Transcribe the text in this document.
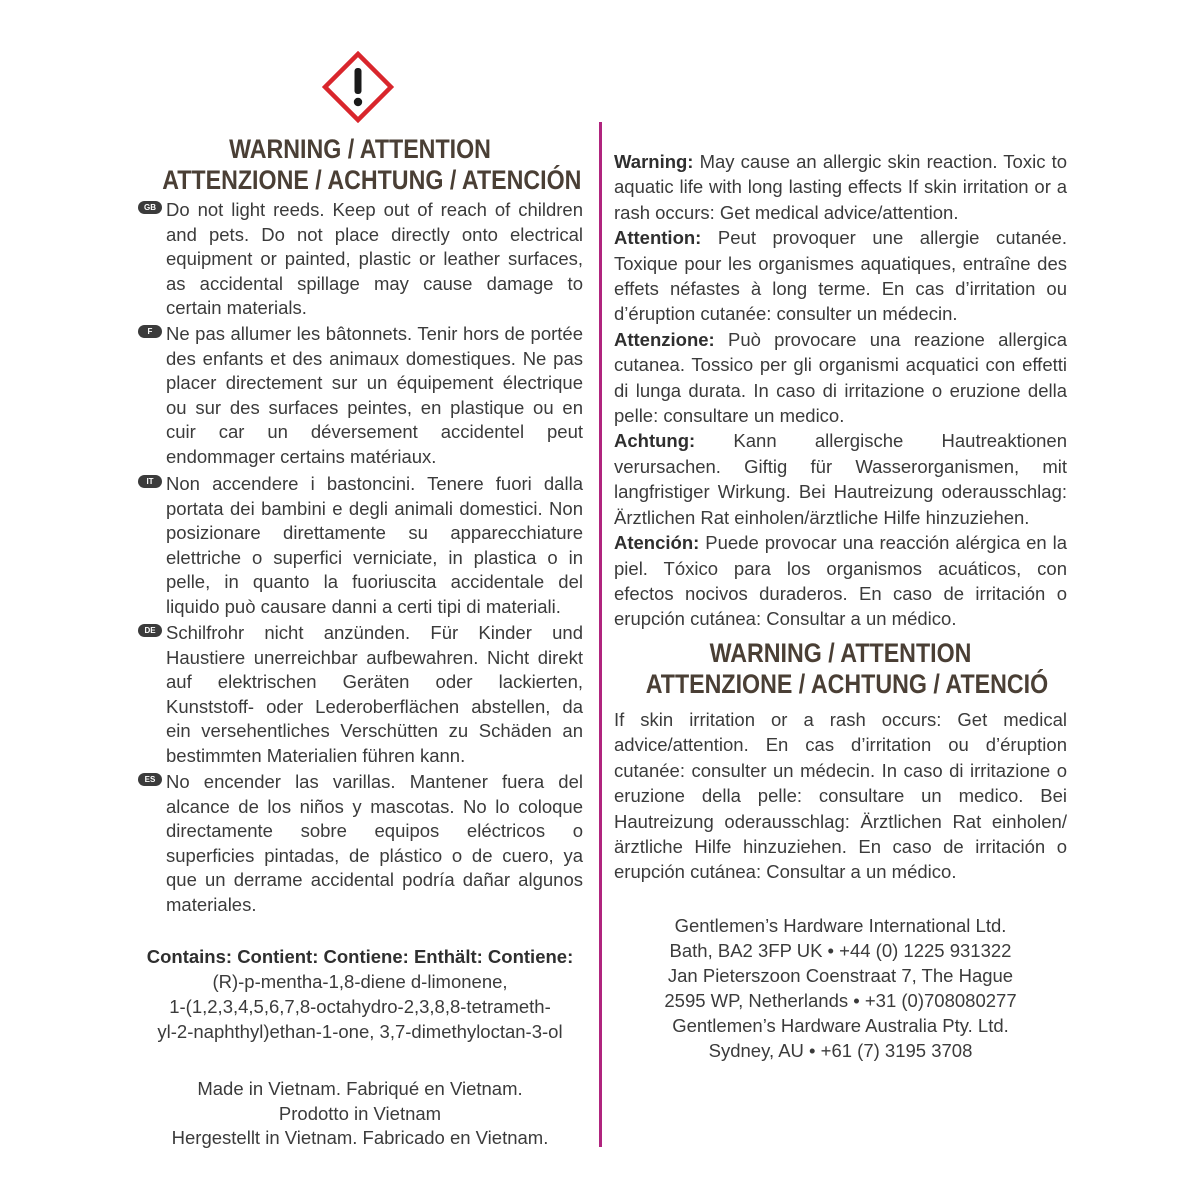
WARNING / ATTENTION
ATTENZIONE / ACHTUNG / ATENCIÓN
GB Do not light reeds. Keep out of reach of children and pets. Do not place directly onto electrical equipment or painted, plastic or leather surfaces, as accidental spillage may cause damage to certain materials.
F Ne pas allumer les bâtonnets. Tenir hors de portée des enfants et des animaux domestiques. Ne pas placer directement sur un équipement électrique ou sur des surfaces peintes, en plastique ou en cuir car un déversement accidentel peut endommager certains matériaux.
IT Non accendere i bastoncini. Tenere fuori dalla portata dei bambini e degli animali domestici. Non posizionare direttamente su apparecchiature elettriche o superfici verniciate, in plastica o in pelle, in quanto la fuoriuscita accidentale del liquido può causare danni a certi tipi di materiali.
DE Schilfrohr nicht anzünden. Für Kinder und Haustiere unerreichbar aufbewahren. Nicht direkt auf elektrischen Geräten oder lackierten, Kunststoff- oder Lederoberflächen abstellen, da ein versehentliches Verschütten zu Schäden an bestimmten Materialien führen kann.
ES No encender las varillas. Mantener fuera del alcance de los niños y mascotas. No lo coloque directamente sobre equipos eléctricos o superficies pintadas, de plástico o de cuero, ya que un derrame accidental podría dañar algunos materiales.
Contains: Contient: Contiene: Enthält: Contiene:
(R)-p-mentha-1,8-diene d-limonene,
1-(1,2,3,4,5,6,7,8-octahydro-2,3,8,8-tetrameth-
yl-2-naphthyl)ethan-1-one, 3,7-dimethyloctan-3-ol
Made in Vietnam. Fabriqué en Vietnam.
Prodotto in Vietnam
Hergestellt in Vietnam. Fabricado en Vietnam.

Warning: May cause an allergic skin reaction. Toxic to aquatic life with long lasting effects If skin irritation or a rash occurs: Get medical advice/attention.

Attention: Peut provoquer une allergie cutanée. Toxique pour les organismes aquatiques, entraîne des effets néfastes à long terme. En cas d’irritation ou d’éruption cutanée: consulter un médecin.

Attenzione: Può provocare una reazione allergica cutanea. Tossico per gli organismi acquatici con effetti di lunga durata. In caso di irritazione o eruzione della pelle: consultare un medico.

Achtung: Kann allergische Hautreaktionen verursachen. Giftig für Wasserorganismen, mit langfristiger Wirkung. Bei Hautreizung oderausschlag: Ärztlichen Rat einholen/ärztliche Hilfe hinzuziehen.

Atención: Puede provocar una reacción alérgica en la piel. Tóxico para los organismos acuáticos, con efectos nocivos duraderos. En caso de irritación o erupción cutánea: Consultar a un médico.

WARNING / ATTENTION
ATTENZIONE / ACHTUNG / ATENCIÓ

If skin irritation or a rash occurs: Get medical advice/attention. En cas d’irritation ou d’éruption cutanée: consulter un médecin. In caso di irritazione o eruzione della pelle: consultare un medico. Bei Hautreizung oderausschlag: Ärztlichen Rat einholen/ ärztliche Hilfe hinzuziehen. En caso de irritación o erupción cutánea: Consultar a un médico.

Gentlemen’s Hardware International Ltd.
Bath, BA2 3FP UK • +44 (0) 1225 931322
Jan Pieterszoon Coenstraat 7, The Hague
2595 WP, Netherlands • +31 (0)708080277
Gentlemen’s Hardware Australia Pty. Ltd.
Sydney, AU • +61 (7) 3195 3708
